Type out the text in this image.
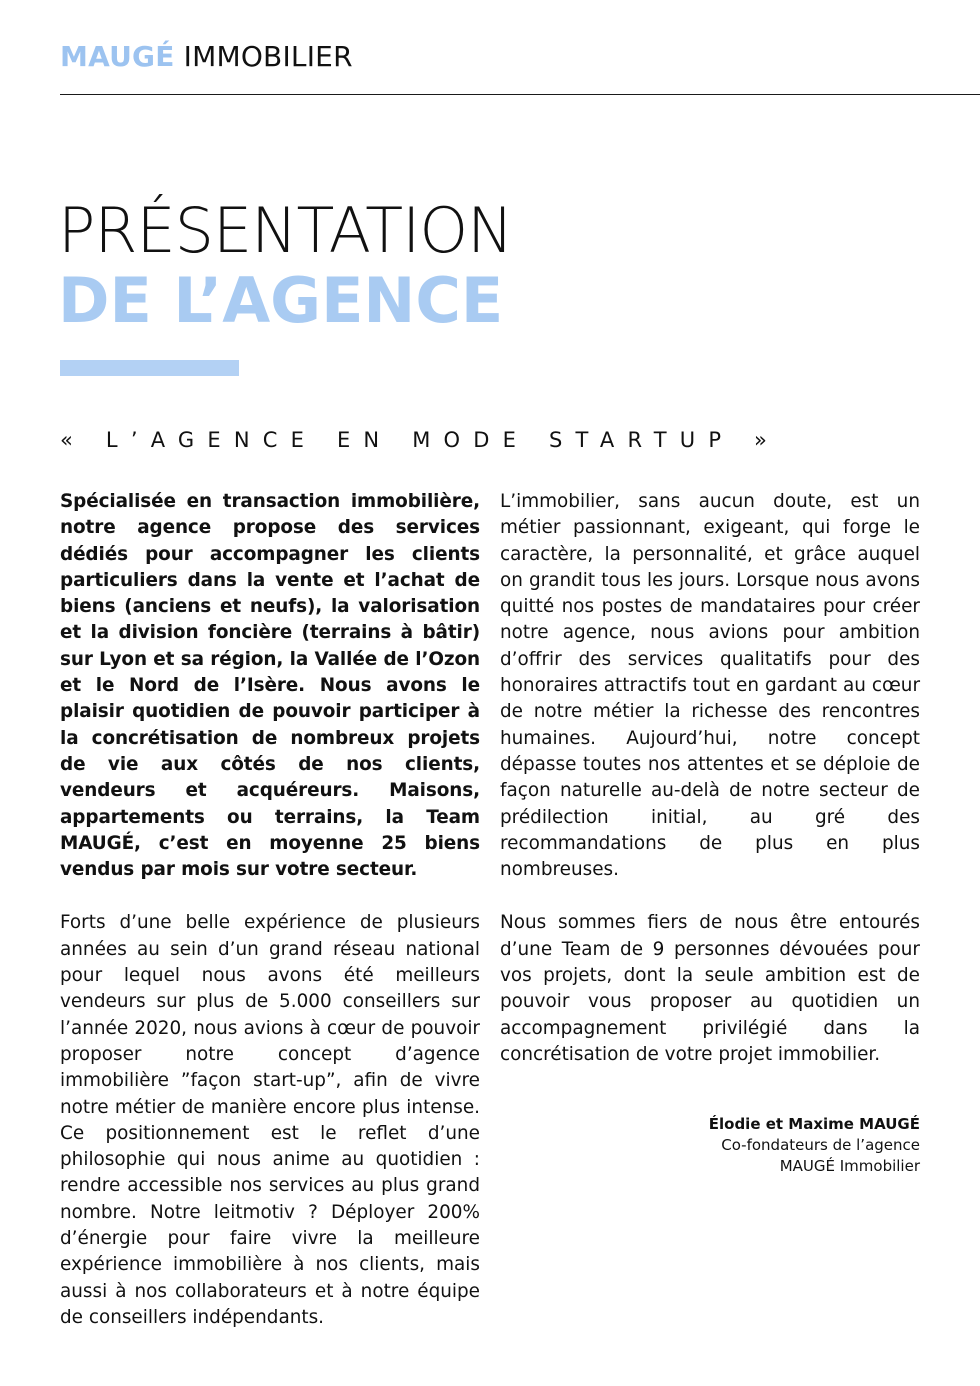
MAUGÉ IMMOBILIER
PRÉSENTATION
DE L’AGENCE
« L’AGENCE EN MODE STARTUP »

Spécialisée en transaction immobilière, notre agence propose des services dédiés pour accompagner les clients particuliers dans la vente et l’achat de biens (anciens et neufs), la valorisation et la division foncière (terrains à bâtir) sur Lyon et sa région, la Vallée de l’Ozon et le Nord de l’Isère. Nous avons le plaisir quotidien de pouvoir participer à la concrétisation de nombreux projets de vie aux côtés de nos clients, vendeurs et acquéreurs. Maisons, appartements ou terrains, la Team MAUGÉ, c’est en moyenne 25 biens vendus par mois sur votre secteur.

Forts d’une belle expérience de plusieurs années au sein d’un grand réseau national pour lequel nous avons été meilleurs vendeurs sur plus de 5.000 conseillers sur l’année 2020, nous avions à cœur de pouvoir proposer notre concept d’agence immobilière ”façon start-up”, afin de vivre notre métier de manière encore plus intense. Ce positionnement est le reflet d’une philosophie qui nous anime au quotidien : rendre accessible nos services au plus grand nombre. Notre leitmotiv ? Déployer 200% d’énergie pour faire vivre la meilleure expérience immobilière à nos clients, mais aussi à nos collaborateurs et à notre équipe de conseillers indépendants.

L’immobilier, sans aucun doute, est un métier passionnant, exigeant, qui forge le caractère, la personnalité, et grâce auquel on grandit tous les jours. Lorsque nous avons quitté nos postes de mandataires pour créer notre agence, nous avions pour ambition d’offrir des services qualitatifs pour des honoraires attractifs tout en gardant au cœur de notre métier la richesse des rencontres humaines. Aujourd’hui, notre concept dépasse toutes nos attentes et se déploie de façon naturelle au-delà de notre secteur de prédilection initial, au gré des recommandations de plus en plus nombreuses.

Nous sommes fiers de nous être entourés d’une Team de 9 personnes dévouées pour vos projets, dont la seule ambition est de pouvoir vous proposer au quotidien un accompagnement privilégié dans la concrétisation de votre projet immobilier.

Élodie et Maxime MAUGÉ
Co-fondateurs de l’agence
MAUGÉ Immobilier
